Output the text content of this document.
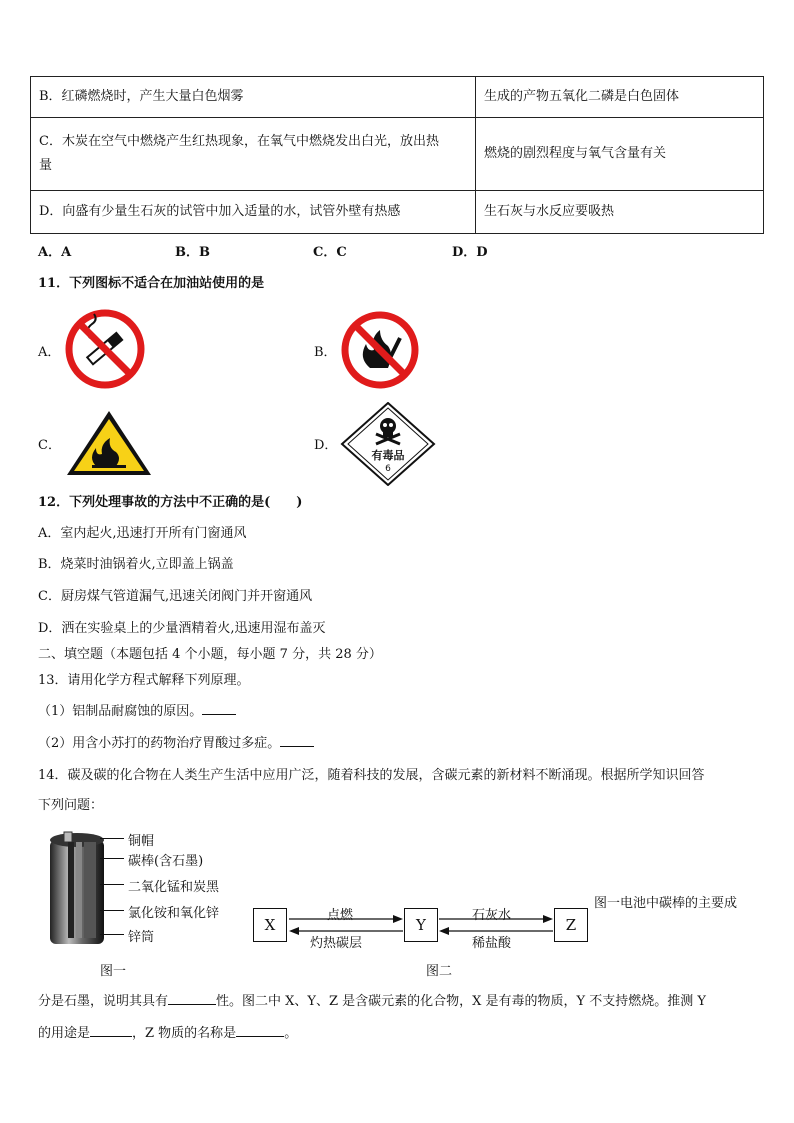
B．红磷燃烧时，产生大量白色烟雾	生成的产物五氧化二磷是白色固体

C．木炭在空气中燃烧产生红热现象，在氧气中燃烧发出白光，放出热
量	燃烧的剧烈程度与氧气含量有关
D．向盛有少量生石灰的试管中加入适量的水，试管外壁有热感	生石灰与水反应要吸热
A．A	B．B	C．C	D．D
11．下列图标不适合在加油站使用的是
A．	B．
C．	D．
有毒品
6
12．下列处理事故的方法中不正确的是(　　)
A．室内起火,迅速打开所有门窗通风
B．烧菜时油锅着火,立即盖上锅盖
C．厨房煤气管道漏气,迅速关闭阀门并开窗通风
D．洒在实验桌上的少量酒精着火,迅速用湿布盖灭
二、填空题（本题包括 4 个小题，每小题 7 分，共 28 分）
13．请用化学方程式解释下列原理。
（1）铝制品耐腐蚀的原因。
（2）用含小苏打的药物治疗胃酸过多症。
14．碳及碳的化合物在人类生产生活中应用广泛，随着科技的发展，含碳元素的新材料不断涌现。根据所学知识回答
下列问题：
铜帽
碳棒(含石墨)
二氧化锰和炭黑
氯化铵和氧化锌
锌筒
图一
X	Y	Z
点燃
灼热碳层
石灰水
稀盐酸
图二
图一电池中碳棒的主要成
分是石墨，说明其具有	性。图二中 X、Y、Z 是含碳元素的化合物，X 是有毒的物质，Y 不支持燃烧。推测 Y
的用途是	，Z 物质的名称是	。
